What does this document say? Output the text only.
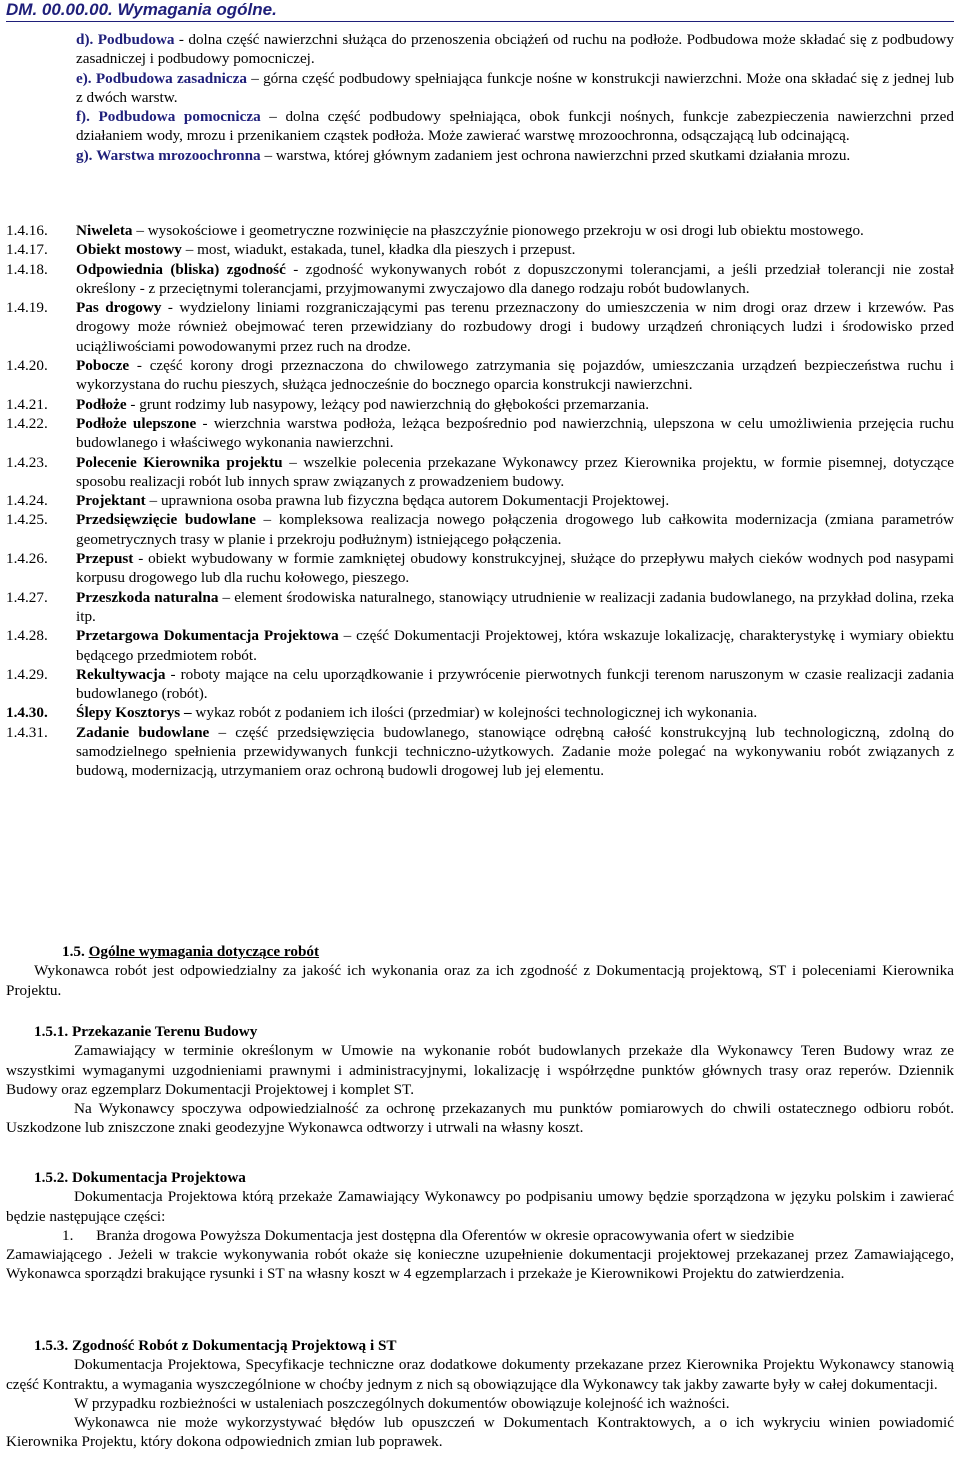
DM. 00.00.00. Wymagania ogólne.
d). Podbudowa - dolna część nawierzchni służąca do przenoszenia obciążeń od ruchu na podłoże. Podbudowa może składać się z podbudowy zasadniczej i podbudowy pomocniczej.
e). Podbudowa zasadnicza – górna część podbudowy spełniająca funkcje nośne w konstrukcji nawierzchni. Może ona składać się z jednej lub z dwóch warstw.
f). Podbudowa pomocnicza – dolna część podbudowy spełniająca, obok funkcji nośnych, funkcje zabezpieczenia nawierzchni przed działaniem wody, mrozu i przenikaniem cząstek podłoża. Może zawierać warstwę mrozoochronna, odsączającą lub odcinającą.
g). Warstwa mrozoochronna – warstwa, której głównym zadaniem jest ochrona nawierzchni przed skutkami działania mrozu.
1.4.16.	Niweleta – wysokościowe i geometryczne rozwinięcie na płaszczyźnie pionowego przekroju w osi drogi lub obiektu mostowego.
1.4.17.	Obiekt mostowy – most, wiadukt, estakada, tunel, kładka dla pieszych i przepust.
1.4.18.	Odpowiednia (bliska) zgodność - zgodność wykonywanych robót z dopuszczonymi tolerancjami, a jeśli przedział tolerancji nie został określony - z przeciętnymi tolerancjami, przyjmowanymi zwyczajowo dla danego rodzaju robót budowlanych.
1.4.19.	Pas drogowy - wydzielony liniami rozgraniczającymi pas terenu przeznaczony do umieszczenia w nim drogi oraz drzew i krzewów. Pas drogowy może również obejmować teren przewidziany do rozbudowy drogi i budowy urządzeń chroniących ludzi i środowisko przed uciążliwościami powodowanymi przez ruch na drodze.
1.4.20.	Pobocze - część korony drogi przeznaczona do chwilowego zatrzymania się pojazdów, umieszczania urządzeń bezpieczeństwa ruchu i wykorzystana do ruchu pieszych, służąca jednocześnie do bocznego oparcia konstrukcji nawierzchni.
1.4.21.	Podłoże - grunt rodzimy lub nasypowy, leżący pod nawierzchnią do głębokości przemarzania.
1.4.22.	Podłoże ulepszone - wierzchnia warstwa podłoża, leżąca bezpośrednio pod nawierzchnią, ulepszona w celu umożliwienia przejęcia ruchu budowlanego i właściwego wykonania nawierzchni.
1.4.23.	Polecenie Kierownika projektu – wszelkie polecenia przekazane Wykonawcy przez Kierownika projektu, w formie pisemnej, dotyczące sposobu realizacji robót lub innych spraw związanych z prowadzeniem budowy.
1.4.24.	Projektant – uprawniona osoba prawna lub fizyczna będąca autorem Dokumentacji Projektowej.
1.4.25.	Przedsięwzięcie budowlane – kompleksowa realizacja nowego połączenia drogowego lub całkowita modernizacja (zmiana parametrów geometrycznych trasy w planie i przekroju podłużnym) istniejącego połączenia.
1.4.26.	Przepust - obiekt wybudowany w formie zamkniętej obudowy konstrukcyjnej, służące do przepływu małych cieków wodnych pod nasypami korpusu drogowego lub dla ruchu kołowego, pieszego.
1.4.27.	Przeszkoda naturalna – element środowiska naturalnego, stanowiący utrudnienie w realizacji zadania budowlanego, na przykład dolina, rzeka itp.
1.4.28.	Przetargowa Dokumentacja Projektowa – część Dokumentacji Projektowej, która wskazuje lokalizację, charakterystykę i wymiary obiektu będącego przedmiotem robót.
1.4.29.	Rekultywacja - roboty mające na celu uporządkowanie i przywrócenie pierwotnych funkcji terenom naruszonym w czasie realizacji zadania budowlanego (robót).
1.4.30.	Ślepy Kosztorys – wykaz robót z podaniem ich ilości (przedmiar) w kolejności technologicznej ich wykonania.
1.4.31.	Zadanie budowlane – część przedsięwzięcia budowlanego, stanowiące odrębną całość konstrukcyjną lub technologiczną, zdolną do samodzielnego spełnienia przewidywanych funkcji techniczno-użytkowych. Zadanie może polegać na wykonywaniu robót związanych z budową, modernizacją, utrzymaniem oraz ochroną budowli drogowej lub jej elementu.
1.5. Ogólne wymagania dotyczące robót
Wykonawca robót jest odpowiedzialny za jakość ich wykonania oraz za ich zgodność z Dokumentacją projektową, ST i poleceniami Kierownika Projektu.
1.5.1. Przekazanie Terenu Budowy
Zamawiający w terminie określonym w Umowie na wykonanie robót budowlanych przekaże dla Wykonawcy Teren Budowy wraz ze wszystkimi wymaganymi uzgodnieniami prawnymi i administracyjnymi, lokalizację i współrzędne punktów głównych trasy oraz reperów. Dziennik Budowy oraz egzemplarz Dokumentacji Projektowej i komplet ST.
Na Wykonawcy spoczywa odpowiedzialność za ochronę przekazanych mu punktów pomiarowych do chwili ostatecznego odbioru robót. Uszkodzone lub zniszczone znaki geodezyjne Wykonawca odtworzy i utrwali na własny koszt.
1.5.2. Dokumentacja Projektowa
Dokumentacja Projektowa którą przekaże Zamawiający Wykonawcy po podpisaniu umowy będzie sporządzona w języku polskim i zawierać będzie następujące części:
1. Branża drogowa Powyższa Dokumentacja jest dostępna dla Oferentów w okresie opracowywania ofert w siedzibie
Zamawiającego . Jeżeli w trakcie wykonywania robót okaże się konieczne uzupełnienie dokumentacji projektowej przekazanej przez Zamawiającego, Wykonawca sporządzi brakujące rysunki i ST na własny koszt w 4 egzemplarzach i przekaże je Kierownikowi Projektu do zatwierdzenia.
1.5.3. Zgodność Robót z Dokumentacją Projektową i ST
Dokumentacja Projektowa, Specyfikacje techniczne oraz dodatkowe dokumenty przekazane przez Kierownika Projektu Wykonawcy stanowią część Kontraktu, a wymagania wyszczególnione w choćby jednym z nich są obowiązujące dla Wykonawcy tak jakby zawarte były w całej dokumentacji.
W przypadku rozbieżności w ustaleniach poszczególnych dokumentów obowiązuje kolejność ich ważności.
Wykonawca nie może wykorzystywać błędów lub opuszczeń w Dokumentach Kontraktowych, a o ich wykryciu winien powiadomić Kierownika Projektu, który dokona odpowiednich zmian lub poprawek.
